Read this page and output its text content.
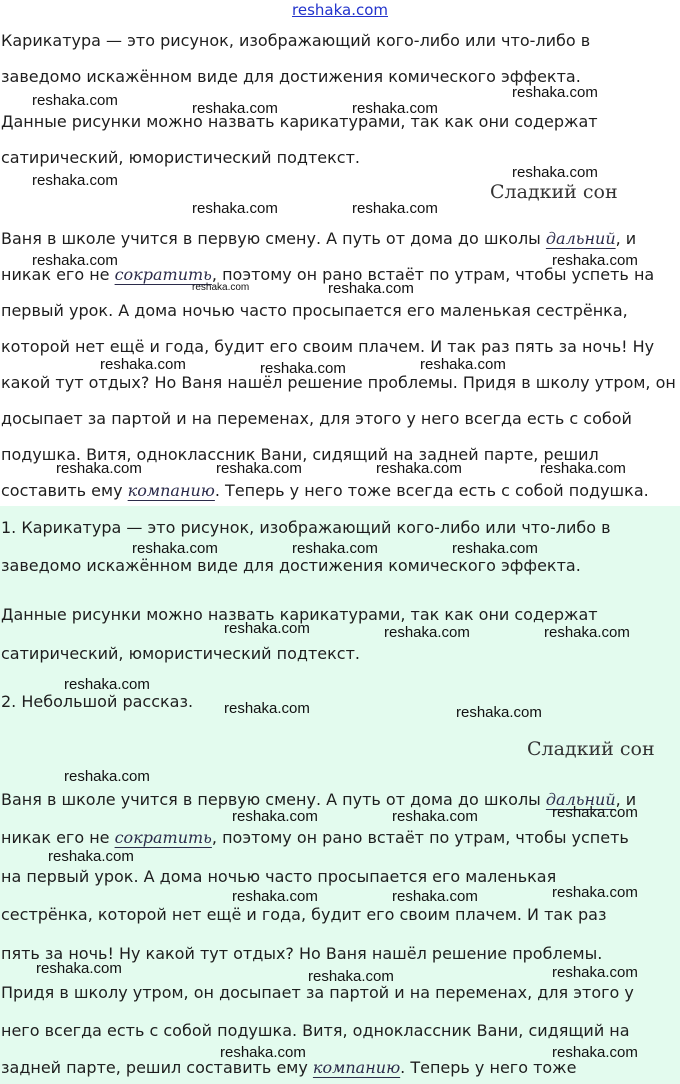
reshaka.com
Карикатура — это рисунок, изображающий кого-либо или что-либо в
заведомо искажённом виде для достижения комического эффекта.
Данные рисунки можно назвать карикатурами, так как они содержат
сатирический, юмористический подтекст.
Сладкий сон
Ваня в школе учится в первую смену. А путь от дома до школы дальний, и
никак его не сократить, поэтому он рано встаёт по утрам, чтобы успеть на
первый урок. А дома ночью часто просыпается его маленькая сестрёнка,
которой нет ещё и года, будит его своим плачем. И так раз пять за ночь! Ну
какой тут отдых? Но Ваня нашёл решение проблемы. Придя в школу утром, он
досыпает за партой и на переменах, для этого у него всегда есть с собой
подушка. Витя, одноклассник Вани, сидящий на задней парте, решил
составить ему компанию. Теперь у него тоже всегда есть с собой подушка.
1. Карикатура — это рисунок, изображающий кого-либо или что-либо в
заведомо искажённом виде для достижения комического эффекта.
Данные рисунки можно назвать карикатурами, так как они содержат
сатирический, юмористический подтекст.
2. Небольшой рассказ.
Сладкий сон
Ваня в школе учится в первую смену. А путь от дома до школы дальний, и
никак его не сократить, поэтому он рано встаёт по утрам, чтобы успеть
на первый урок. А дома ночью часто просыпается его маленькая
сестрёнка, которой нет ещё и года, будит его своим плачем. И так раз
пять за ночь! Ну какой тут отдых? Но Ваня нашёл решение проблемы.
Придя в школу утром, он досыпает за партой и на переменах, для этого у
него всегда есть с собой подушка. Витя, одноклассник Вани, сидящий на
задней парте, решил составить ему компанию. Теперь у него тоже
reshaka.com	reshaka.com	reshaka.com
reshaka.com
reshaka.com	reshaka.com
reshaka.com	reshaka.com
reshaka.com	reshaka.com
reshaka.com	reshaka.com
reshaka.com	reshaka.com	reshaka.com
reshaka.com	reshaka.com	reshaka.com	reshaka.com
reshaka.com	reshaka.com	reshaka.com
reshaka.com	reshaka.com	reshaka.com
reshaka.com
reshaka.com	reshaka.com
reshaka.com
reshaka.com	reshaka.com	reshaka.com
reshaka.com
reshaka.com	reshaka.com	reshaka.com
reshaka.com	reshaka.com	reshaka.com
reshaka.com	reshaka.com
